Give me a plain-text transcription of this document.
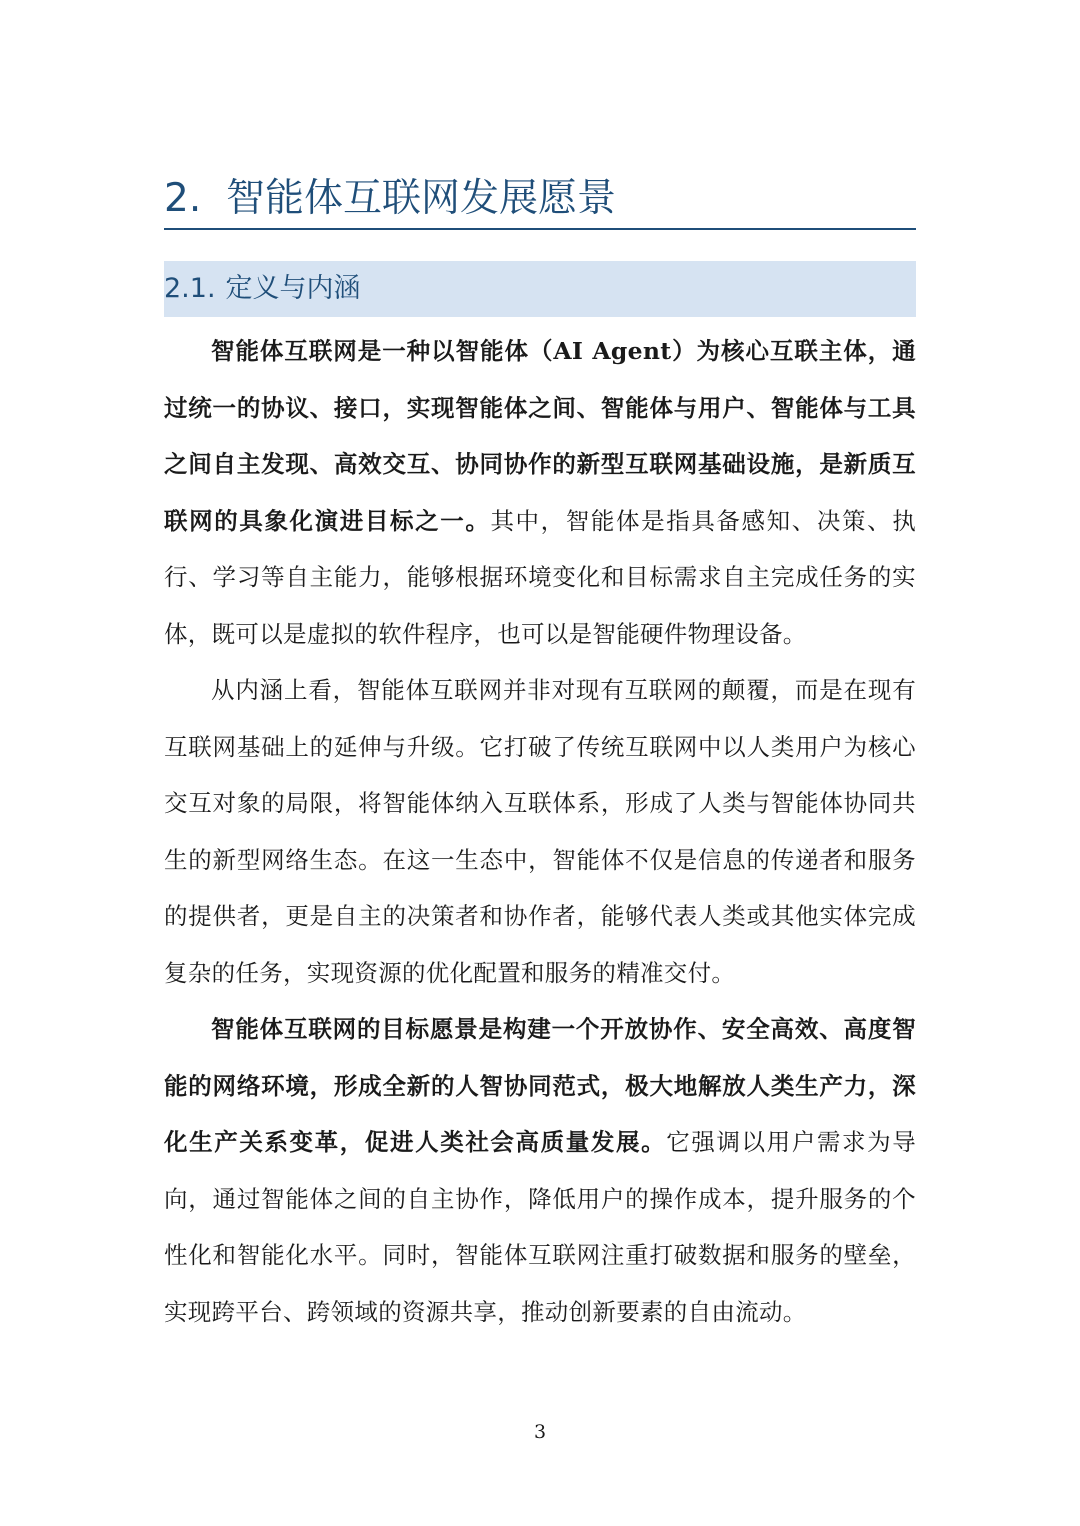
2. 智能体互联网发展愿景
2.1. 定义与内涵

智能体互联网是一种以智能体（AI Agent）为核心互联主体，通过统一的协议、接口，实现智能体之间、智能体与用户、智能体与工具之间自主发现、高效交互、协同协作的新型互联网基础设施，是新质互联网的具象化演进目标之一。其中，智能体是指具备感知、决策、执行、学习等自主能力，能够根据环境变化和目标需求自主完成任务的实体，既可以是虚拟的软件程序，也可以是智能硬件物理设备。

从内涵上看，智能体互联网并非对现有互联网的颠覆，而是在现有互联网基础上的延伸与升级。它打破了传统互联网中以人类用户为核心交互对象的局限，将智能体纳入互联体系，形成了人类与智能体协同共生的新型网络生态。在这一生态中，智能体不仅是信息的传递者和服务的提供者，更是自主的决策者和协作者，能够代表人类或其他实体完成复杂的任务，实现资源的优化配置和服务的精准交付。

智能体互联网的目标愿景是构建一个开放协作、安全高效、高度智能的网络环境，形成全新的人智协同范式，极大地解放人类生产力，深化生产关系变革，促进人类社会高质量发展。它强调以用户需求为导向，通过智能体之间的自主协作，降低用户的操作成本，提升服务的个性化和智能化水平。同时，智能体互联网注重打破数据和服务的壁垒，实现跨平台、跨领域的资源共享，推动创新要素的自由流动。

3
